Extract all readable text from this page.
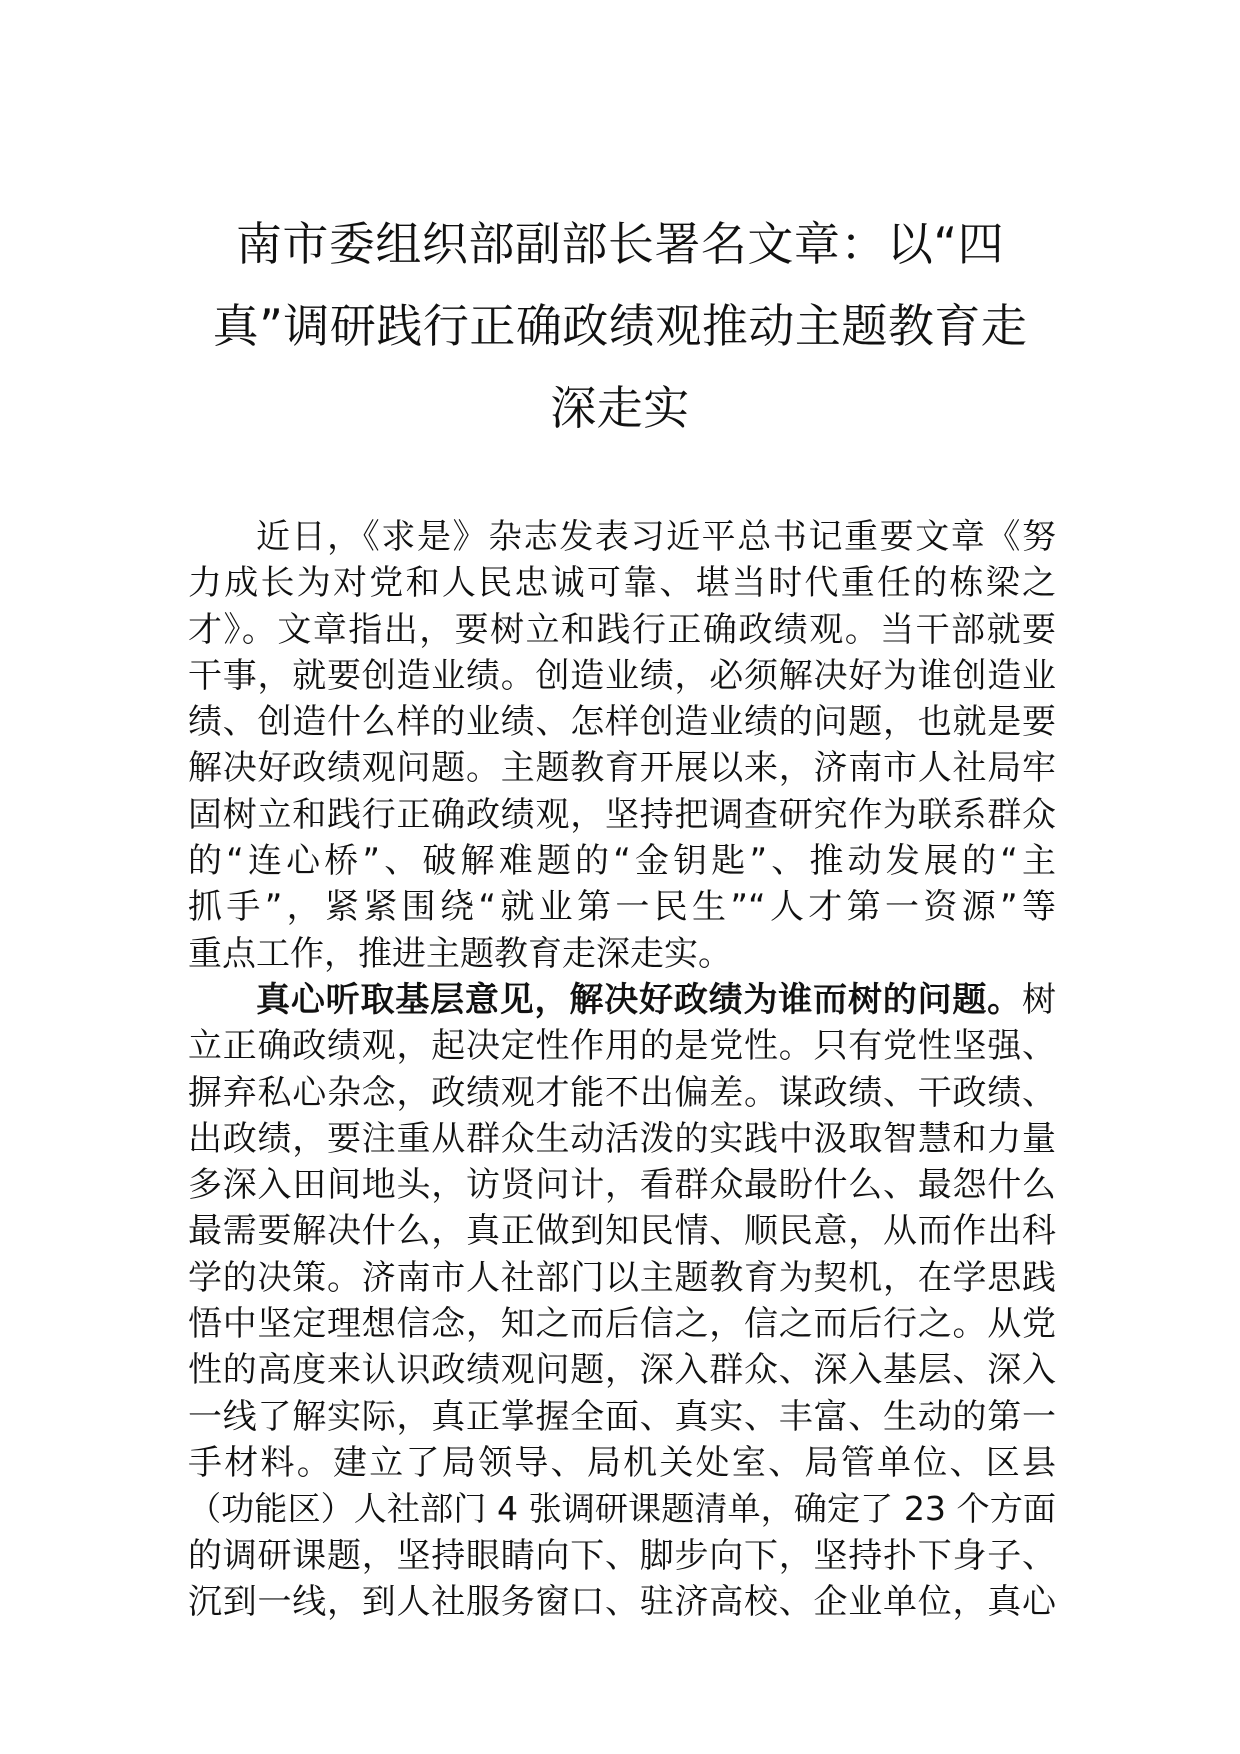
南市委组织部副部长署名文章：以“四
真”调研践行正确政绩观推动主题教育走
深走实
近日，《求是》杂志发表习近平总书记重要文章《努
力成长为对党和人民忠诚可靠、堪当时代重任的栋梁之
才》。文章指出，要树立和践行正确政绩观。当干部就要
干事，就要创造业绩。创造业绩，必须解决好为谁创造业
绩、创造什么样的业绩、怎样创造业绩的问题，也就是要
解决好政绩观问题。主题教育开展以来，济南市人社局牢
固树立和践行正确政绩观，坚持把调查研究作为联系群众
的“连心桥”、破解难题的“金钥匙”、推动发展的“主
抓手”，紧紧围绕“就业第一民生”“人才第一资源”等
重点工作，推进主题教育走深走实。
真心听取基层意见，解决好政绩为谁而树的问题。树
立正确政绩观，起决定性作用的是党性。只有党性坚强、
摒弃私心杂念，政绩观才能不出偏差。谋政绩、干政绩、
出政绩，要注重从群众生动活泼的实践中汲取智慧和力量
多深入田间地头，访贤问计，看群众最盼什么、最怨什么
最需要解决什么，真正做到知民情、顺民意，从而作出科
学的决策。济南市人社部门以主题教育为契机，在学思践
悟中坚定理想信念，知之而后信之，信之而后行之。从党
性的高度来认识政绩观问题，深入群众、深入基层、深入
一线了解实际，真正掌握全面、真实、丰富、生动的第一
手材料。建立了局领导、局机关处室、局管单位、区县
（功能区）人社部门 4 张调研课题清单，确定了 23 个方面
的调研课题，坚持眼睛向下、脚步向下，坚持扑下身子、
沉到一线，到人社服务窗口、驻济高校、企业单位，真心
